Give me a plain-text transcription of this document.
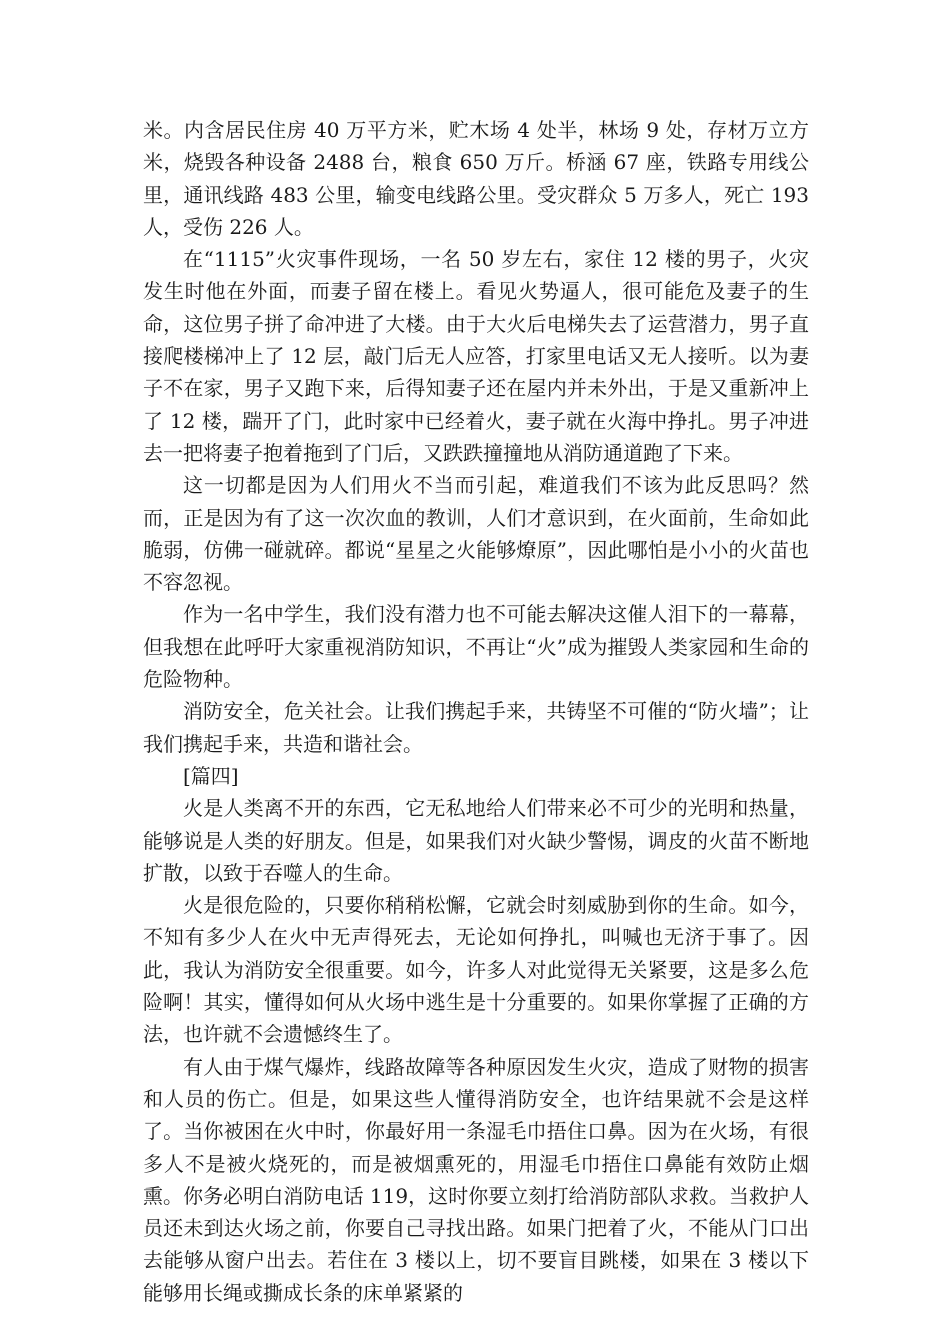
米。内含居民住房 40 万平方米，贮木场 4 处半，林场 9 处，存材万立方米，烧毁各种设备 2488 台，粮食 650 万斤。桥涵 67 座，铁路专用线公里，通讯线路 483 公里，输变电线路公里。受灾群众 5 万多人，死亡 193 人，受伤 226 人。

在“1115”火灾事件现场，一名 50 岁左右，家住 12 楼的男子，火灾发生时他在外面，而妻子留在楼上。看见火势逼人，很可能危及妻子的生命，这位男子拼了命冲进了大楼。由于大火后电梯失去了运营潜力，男子直接爬楼梯冲上了 12 层，敲门后无人应答，打家里电话又无人接听。以为妻子不在家，男子又跑下来，后得知妻子还在屋内并未外出，于是又重新冲上了 12 楼，踹开了门，此时家中已经着火，妻子就在火海中挣扎。男子冲进去一把将妻子抱着拖到了门后，又跌跌撞撞地从消防通道跑了下来。

这一切都是因为人们用火不当而引起，难道我们不该为此反思吗？然而，正是因为有了这一次次血的教训，人们才意识到，在火面前，生命如此脆弱，仿佛一碰就碎。都说“星星之火能够燎原”，因此哪怕是小小的火苗也不容忽视。

作为一名中学生，我们没有潜力也不可能去解决这催人泪下的一幕幕，但我想在此呼吁大家重视消防知识，不再让“火”成为摧毁人类家园和生命的危险物种。

消防安全，危关社会。让我们携起手来，共铸坚不可催的“防火墙”；让我们携起手来，共造和谐社会。

[篇四]

火是人类离不开的东西，它无私地给人们带来必不可少的光明和热量，能够说是人类的好朋友。但是，如果我们对火缺少警惕，调皮的火苗不断地扩散，以致于吞噬人的生命。

火是很危险的，只要你稍稍松懈，它就会时刻威胁到你的生命。如今，不知有多少人在火中无声得死去，无论如何挣扎，叫喊也无济于事了。因此，我认为消防安全很重要。如今，许多人对此觉得无关紧要，这是多么危险啊！其实，懂得如何从火场中逃生是十分重要的。如果你掌握了正确的方法，也许就不会遗憾终生了。

有人由于煤气爆炸，线路故障等各种原因发生火灾，造成了财物的损害和人员的伤亡。但是，如果这些人懂得消防安全，也许结果就不会是这样了。当你被困在火中时，你最好用一条湿毛巾捂住口鼻。因为在火场，有很多人不是被火烧死的，而是被烟熏死的，用湿毛巾捂住口鼻能有效防止烟熏。你务必明白消防电话 119，这时你要立刻打给消防部队求救。当救护人员还未到达火场之前，你要自己寻找出路。如果门把着了火，不能从门口出去能够从窗户出去。若住在 3 楼以上，切不要盲目跳楼，如果在 3 楼以下能够用长绳或撕成长条的床单紧紧的
